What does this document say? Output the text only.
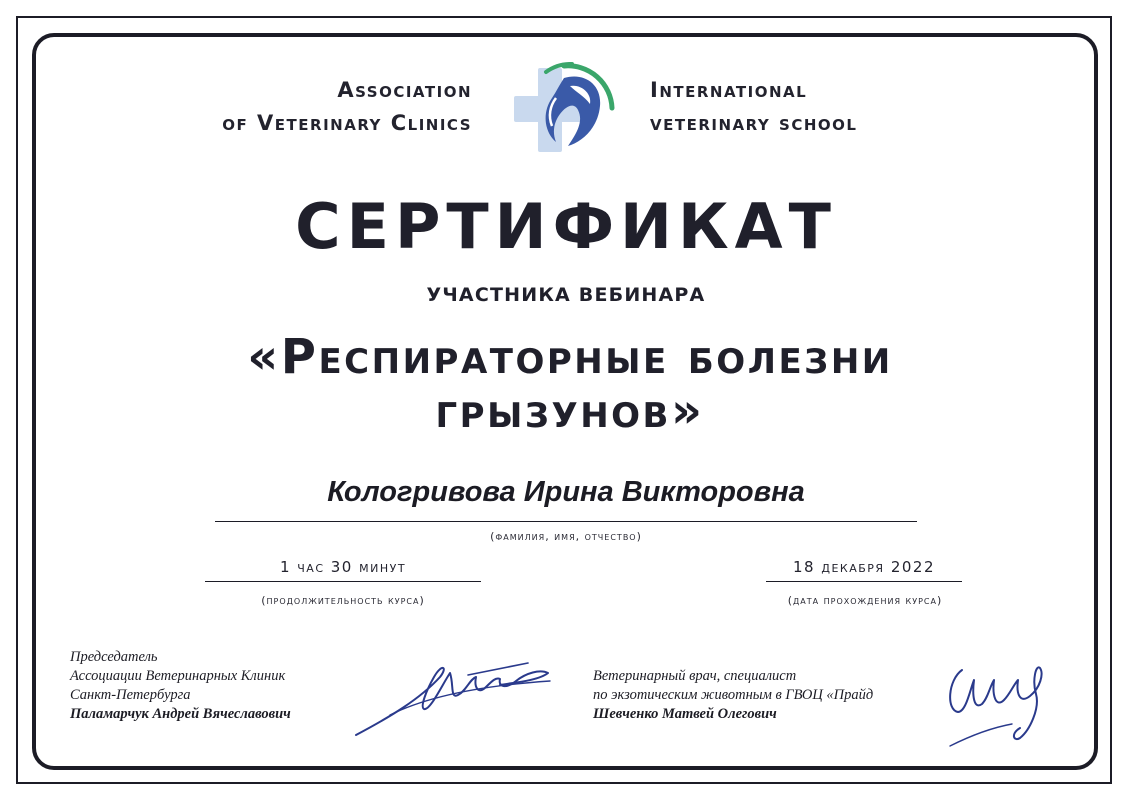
Association
of Veterinary Clinics
International
veterinary school
СЕРТИФИКАТ
УЧАСТНИКА ВЕБИНАРА
«Респираторные болезни
грызунов»
Кологривова Ирина Викторовна
(фамилия, имя, отчество)
1 час 30 минут
(продолжительность курса)
18 декабря 2022
(дата прохождения курса)
Председатель
Ассоциации Ветеринарных Клиник
Санкт-Петербурга
Паламарчук Андрей Вячеславович
Ветеринарный врач, специалист
по экзотическим животным в ГВОЦ «Прайд
Шевченко Матвей Олегович
